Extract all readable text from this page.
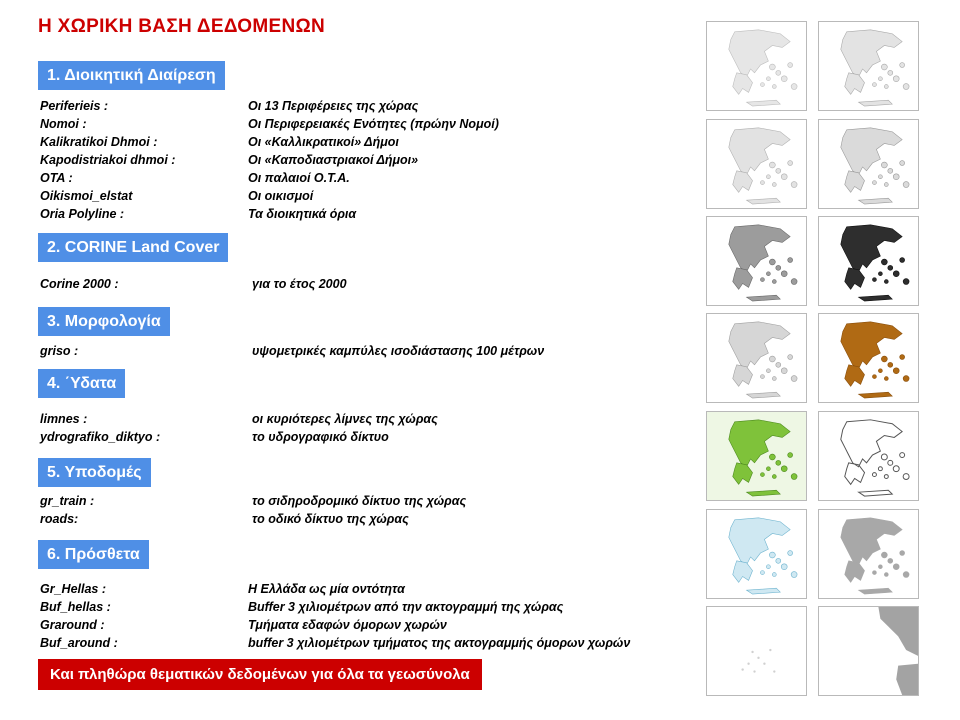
Η ΧΩΡΙΚΗ ΒΑΣΗ ΔΕΔΟΜΕΝΩΝ
1. Διοικητική Διαίρεση
Periferieis :	Οι 13 Περιφέρειες της χώρας
Nomoi :	Οι Περιφερειακές Ενότητες (πρώην Νομοί)
Kalikratikoi Dhmoi :	Οι «Καλλικρατικοί» Δήμοι
Kapodistriakoi dhmoi :	Οι «Καποδιαστριακοί Δήμοι»
OTA :	Οι παλαιοί Ο.Τ.Α.
Oikismoi_elstat	Οι οικισμοί
Oria Polyline :	Τα διοικητικά όρια
2. CORINE Land Cover
Corine 2000 :	για το έτος 2000
3. Μορφολογία
griso :	υψομετρικές καμπύλες ισοδιάστασης 100 μέτρων
4. ΄Υδατα
limnes :	οι κυριότερες λίμνες της χώρας
ydrografiko_diktyo :	το υδρογραφικό δίκτυο
5. Υποδομές
gr_train :	το σιδηροδρομικό δίκτυο της χώρας
roads:	το οδικό δίκτυο της χώρας
6. Πρόσθετα
Gr_Hellas :	Η Ελλάδα ως μία οντότητα
Buf_hellas :	Buffer 3 χιλιομέτρων από την ακτογραμμή της χώρας
Graround :	Τμήματα εδαφών όμορων χωρών
Buf_around :	buffer 3 χιλιομέτρων τμήματος της ακτογραμμής όμορων χωρών
Και πληθώρα θεματικών δεδομένων για όλα τα γεωσύνολα
